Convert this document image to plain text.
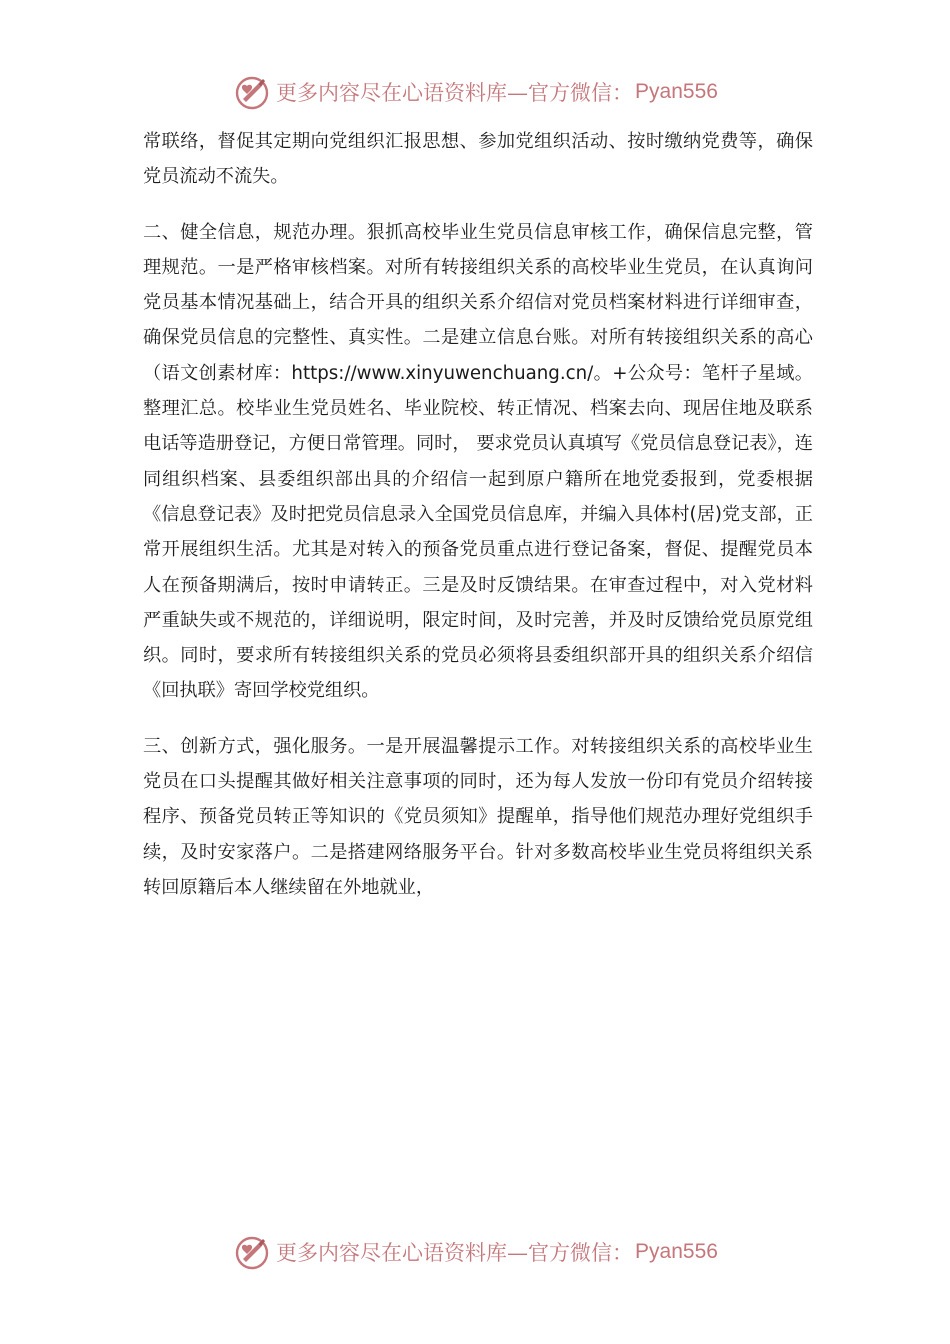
更多内容尽在心语资料库—官方微信： Pyan556

常联络，督促其定期向党组织汇报思想、参加党组织活动、按时缴纳党费等，确保党员流动不流失。

二、健全信息，规范办理。狠抓高校毕业生党员信息审核工作，确保信息完整，管理规范。一是严格审核档案。对所有转接组织关系的高校毕业生党员，在认真询问党员基本情况基础上，结合开具的组织关系介绍信对党员档案材料进行详细审查，确保党员信息的完整性、真实性。二是建立信息台账。对所有转接组织关系的高心（语文创素材库：https://www.xinyuwenchuang.cn/。+公众号：笔杆子星域。整理汇总。校毕业生党员姓名、毕业院校、转正情况、档案去向、现居住地及联系电话等造册登记，方便日常管理。同时， 要求党员认真填写《党员信息登记表》，连同组织档案、县委组织部出具的介绍信一起到原户籍所在地党委报到，党委根据《信息登记表》及时把党员信息录入全国党员信息库，并编入具体村(居)党支部，正常开展组织生活。尤其是对转入的预备党员重点进行登记备案，督促、提醒党员本人在预备期满后，按时申请转正。三是及时反馈结果。在审查过程中，对入党材料严重缺失或不规范的，详细说明，限定时间，及时完善，并及时反馈给党员原党组织。同时，要求所有转接组织关系的党员必须将县委组织部开具的组织关系介绍信《回执联》寄回学校党组织。

三、创新方式，强化服务。一是开展温馨提示工作。对转接组织关系的高校毕业生党员在口头提醒其做好相关注意事项的同时，还为每人发放一份印有党员介绍转接程序、预备党员转正等知识的《党员须知》提醒单，指导他们规范办理好党组织手续，及时安家落户。二是搭建网络服务平台。针对多数高校毕业生党员将组织关系转回原籍后本人继续留在外地就业，

更多内容尽在心语资料库—官方微信： Pyan556
